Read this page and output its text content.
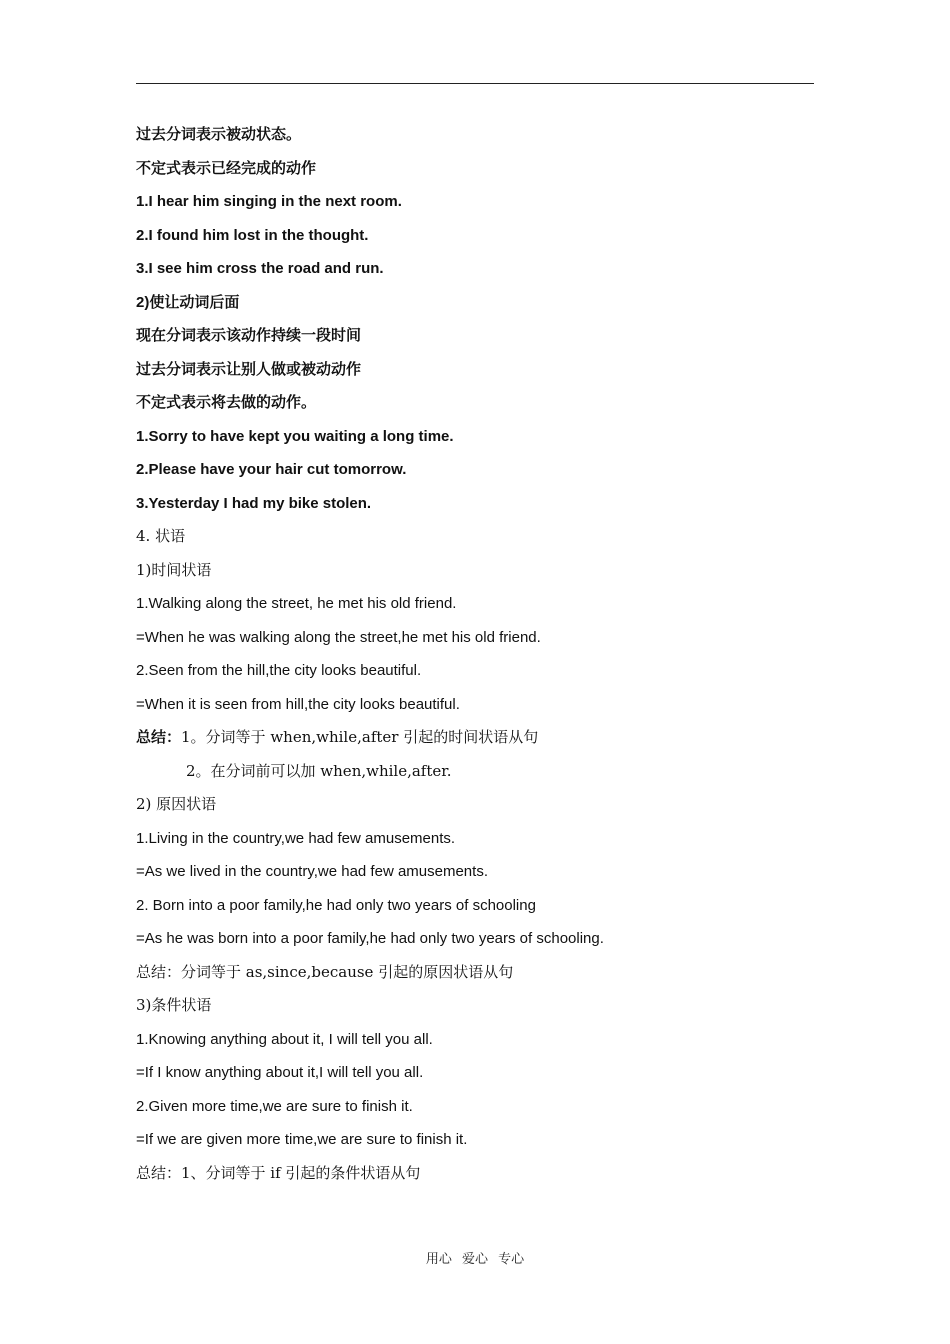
过去分词表示被动状态。
不定式表示已经完成的动作
1.I hear him singing in the next room.
2.I found him lost in the thought.
3.I see him cross the road and run.
2)使让动词后面
现在分词表示该动作持续一段时间
过去分词表示让别人做或被动动作
不定式表示将去做的动作。
1.Sorry to have kept you waiting a long time.
2.Please have your hair cut tomorrow.
3.Yesterday I had my bike stolen.
4. 状语
1)时间状语
1.Walking along the street, he met his old friend.
=When he was walking along the street,he met his old friend.
2.Seen from the hill,the city looks beautiful.
=When it is seen from hill,the city looks beautiful.
总结：1。分词等于 when,while,after 引起的时间状语从句
2。在分词前可以加 when,while,after.
2) 原因状语
1.Living in the country,we had few amusements.
=As we lived in the country,we had few amusements.
2. Born into a poor family,he had only two years of schooling
=As he was born into a poor family,he had only two years of schooling.
总结：分词等于 as,since,because 引起的原因状语从句
3)条件状语
1.Knowing anything about it, I will tell you all.
=If I know anything about it,I will tell you all.
2.Given more time,we are sure to finish it.
=If we are given more time,we are sure to finish it.
总结：1、分词等于 if 引起的条件状语从句
用心 爱心 专心
